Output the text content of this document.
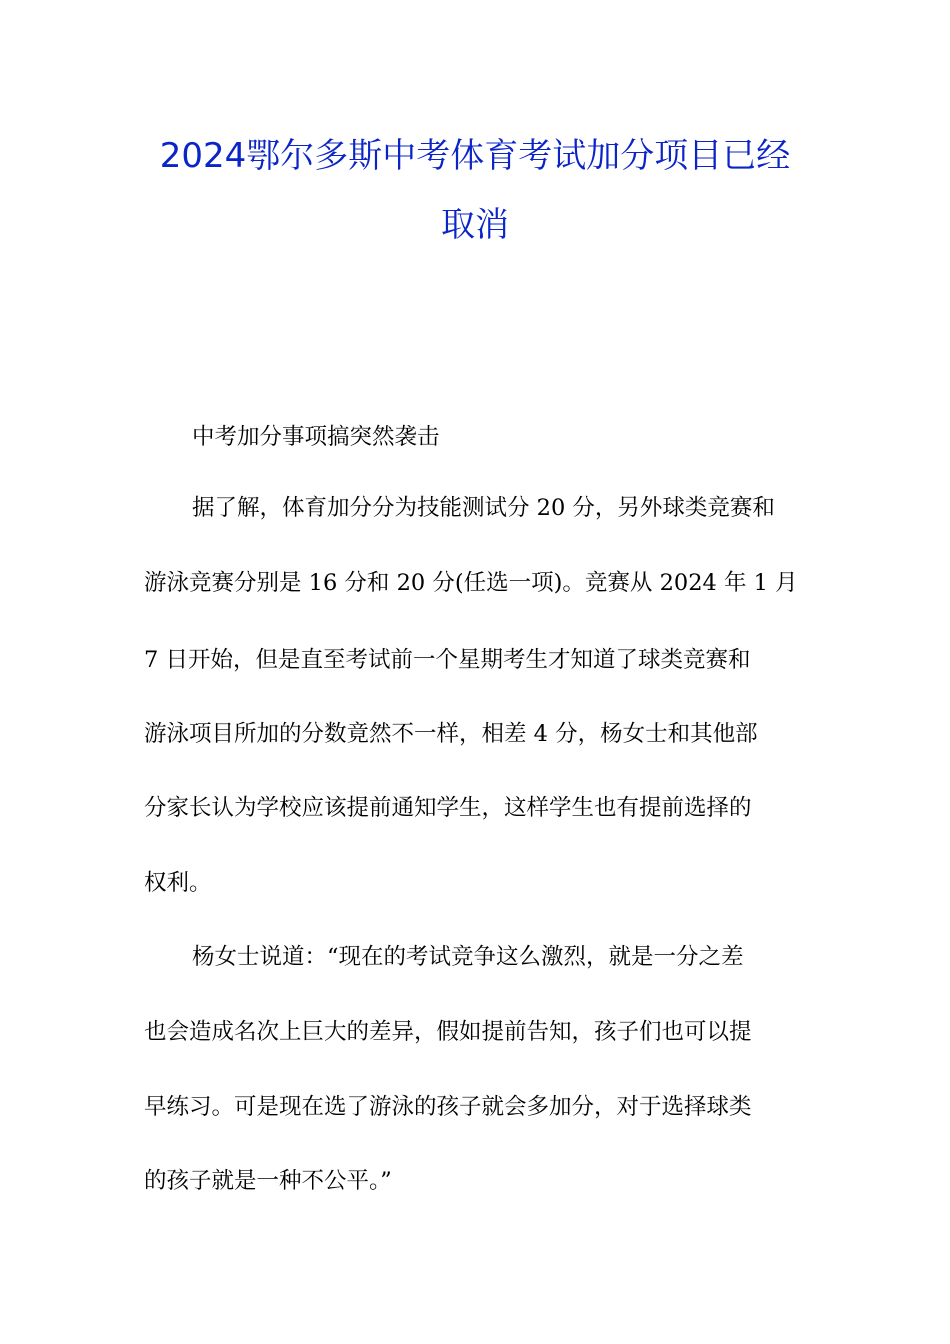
2024鄂尔多斯中考体育考试加分项目已经
取消
中考加分事项搞突然袭击
据了解，体育加分分为技能测试分 20 分，另外球类竞赛和
游泳竞赛分别是 16 分和 20 分(任选一项)。竞赛从 2024 年 1 月
7 日开始，但是直至考试前一个星期考生才知道了球类竞赛和
游泳项目所加的分数竟然不一样，相差 4 分，杨女士和其他部
分家长认为学校应该提前通知学生，这样学生也有提前选择的
权利。
杨女士说道：“现在的考试竞争这么激烈，就是一分之差
也会造成名次上巨大的差异，假如提前告知，孩子们也可以提
早练习。可是现在选了游泳的孩子就会多加分，对于选择球类
的孩子就是一种不公平。”
